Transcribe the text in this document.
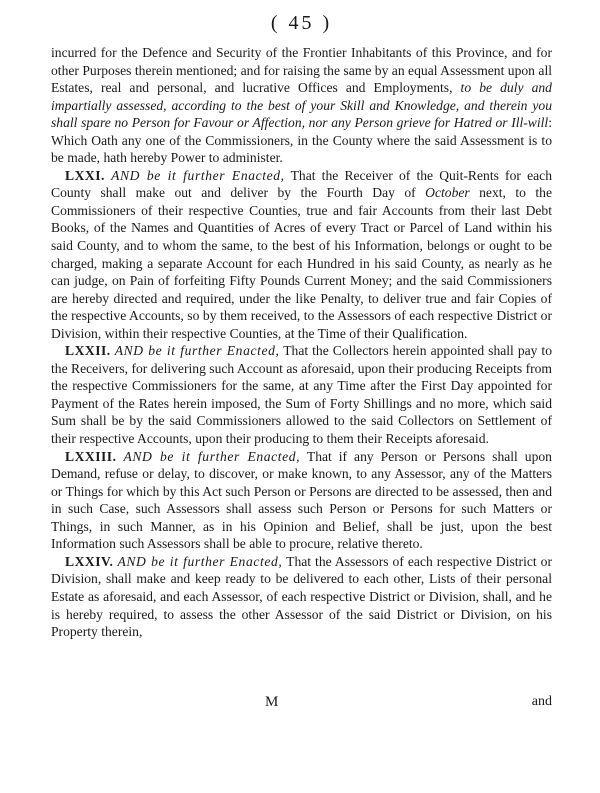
( 45 )

incurred for the Defence and Security of the Frontier Inhabitants of this Province, and for other Purposes therein mentioned; and for raising the same by an equal Assessment upon all Estates, real and personal, and lucrative Offices and Employments, to be duly and impartially assessed, according to the best of your Skill and Knowledge, and therein you shall spare no Person for Favour or Affection, nor any Person grieve for Hatred or Ill-will: Which Oath any one of the Commissioners, in the County where the said Assessment is to be made, hath hereby Power to administer.

LXXI. AND be it further Enacted, That the Receiver of the Quit-Rents for each County shall make out and deliver by the Fourth Day of October next, to the Commissioners of their respective Counties, true and fair Accounts from their last Debt Books, of the Names and Quantities of Acres of every Tract or Parcel of Land within his said County, and to whom the same, to the best of his Information, belongs or ought to be charged, making a separate Account for each Hundred in his said County, as nearly as he can judge, on Pain of forfeiting Fifty Pounds Current Money; and the said Commissioners are hereby directed and required, under the like Penalty, to deliver true and fair Copies of the respective Accounts, so by them received, to the Assessors of each respective District or Division, within their respective Counties, at the Time of their Qualification.

LXXII. AND be it further Enacted, That the Collectors herein appointed shall pay to the Receivers, for delivering such Account as aforesaid, upon their producing Receipts from the respective Commissioners for the same, at any Time after the First Day appointed for Payment of the Rates herein imposed, the Sum of Forty Shillings and no more, which said Sum shall be by the said Commissioners allowed to the said Collectors on Settlement of their respective Accounts, upon their producing to them their Receipts aforesaid.

LXXIII. AND be it further Enacted, That if any Person or Persons shall upon Demand, refuse or delay, to discover, or make known, to any Assessor, any of the Matters or Things for which by this Act such Person or Persons are directed to be assessed, then and in such Case, such Assessors shall assess such Person or Persons for such Matters or Things, in such Manner, as in his Opinion and Belief, shall be just, upon the best Information such Assessors shall be able to procure, relative thereto.

LXXIV. AND be it further Enacted, That the Assessors of each respective District or Division, shall make and keep ready to be delivered to each other, Lists of their personal Estate as aforesaid, and each Assessor, of each respective District or Division, shall, and he is hereby required, to assess the other Assessor of the said District or Division, on his Property therein,

M	and
